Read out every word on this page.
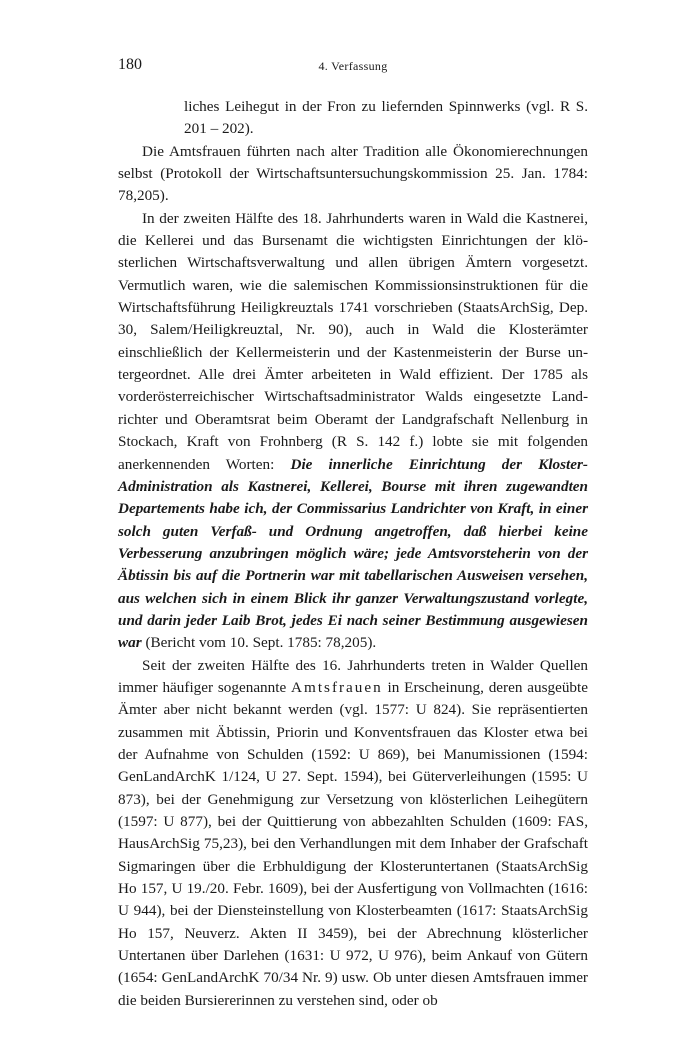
180	4. Verfassung

liches Leihegut in der Fron zu liefernden Spinnwerks (vgl. R S. 201 – 202).

Die Amtsfrauen führten nach alter Tradition alle Ökonomierechnungen selbst (Protokoll der Wirtschaftsuntersuchungskommission 25. Jan. 1784: 78,205).

In der zweiten Hälfte des 18. Jahrhunderts waren in Wald die Kastnerei, die Kellerei und das Bursenamt die wichtigsten Einrichtungen der klösterlichen Wirtschaftsverwaltung und allen übrigen Ämtern vorgesetzt. Vermutlich waren, wie die salemischen Kommissionsinstruktionen für die Wirtschaftsführung Heiligkreuztals 1741 vorschrieben (StaatsArchSig, Dep. 30, Salem/Heiligkreuztal, Nr. 90), auch in Wald die Klosterämter einschließlich der Kellermeisterin und der Kastenmeisterin der Burse untergeordnet. Alle drei Ämter arbeiteten in Wald effizient. Der 1785 als vorderösterreichischer Wirtschaftsadministrator Walds eingesetzte Landrichter und Oberamtsrat beim Oberamt der Landgrafschaft Nellenburg in Stockach, Kraft von Frohnberg (R S. 142 f.) lobte sie mit folgenden anerkennenden Worten: Die innerliche Einrichtung der Kloster-Administration als Kastnerei, Kellerei, Bourse mit ihren zugewandten Departements habe ich, der Commissarius Landrichter von Kraft, in einer solch guten Verfaß- und Ordnung angetroffen, daß hierbei keine Verbesserung anzubringen möglich wäre; jede Amtsvorsteherin von der Äbtissin bis auf die Portnerin war mit tabellarischen Ausweisen versehen, aus welchen sich in einem Blick ihr ganzer Verwaltungszustand vorlegte, und darin jeder Laib Brot, jedes Ei nach seiner Bestimmung ausgewiesen war (Bericht vom 10. Sept. 1785: 78,205).

Seit der zweiten Hälfte des 16. Jahrhunderts treten in Walder Quellen immer häufiger sogenannte Amtsfrauen in Erscheinung, deren ausgeübte Ämter aber nicht bekannt werden (vgl. 1577: U 824). Sie repräsentierten zusammen mit Äbtissin, Priorin und Konventsfrauen das Kloster etwa bei der Aufnahme von Schulden (1592: U 869), bei Manumissionen (1594: GenLandArchK 1/124, U 27. Sept. 1594), bei Güterverleihungen (1595: U 873), bei der Genehmigung zur Versetzung von klösterlichen Leihegütern (1597: U 877), bei der Quittierung von abbezahlten Schulden (1609: FAS, HausArchSig 75,23), bei den Verhandlungen mit dem Inhaber der Grafschaft Sigmaringen über die Erbhuldigung der Klosteruntertanen (StaatsArchSig Ho 157, U 19./20. Febr. 1609), bei der Ausfertigung von Vollmachten (1616: U 944), bei der Diensteinstellung von Klosterbeamten (1617: StaatsArchSig Ho 157, Neuverz. Akten II 3459), bei der Abrechnung klösterlicher Untertanen über Darlehen (1631: U 972, U 976), beim Ankauf von Gütern (1654: GenLandArchK 70/34 Nr. 9) usw. Ob unter diesen Amtsfrauen immer die beiden Bursiererinnen zu verstehen sind, oder ob
